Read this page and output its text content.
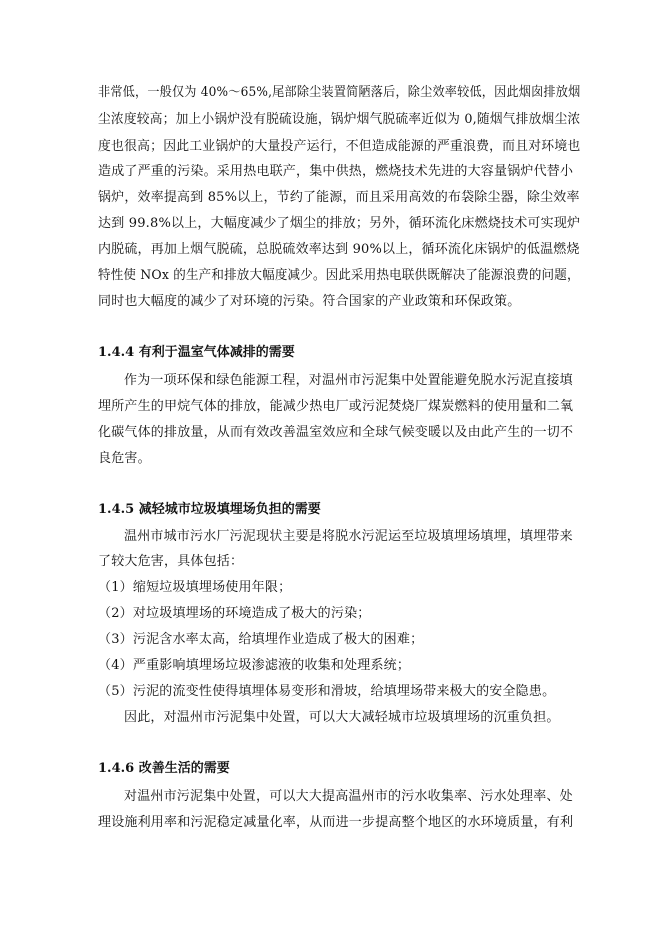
非常低，一般仅为 40%～65%,尾部除尘装置简陋落后，除尘效率较低，因此烟囱排放烟
尘浓度较高；加上小锅炉没有脱硫设施，锅炉烟气脱硫率近似为 0,随烟气排放烟尘浓
度也很高；因此工业锅炉的大量投产运行，不但造成能源的严重浪费，而且对环境也
造成了严重的污染。采用热电联产，集中供热，燃烧技术先进的大容量锅炉代替小
锅炉，效率提高到 85%以上，节约了能源，而且采用高效的布袋除尘器，除尘效率
达到 99.8%以上，大幅度减少了烟尘的排放；另外，循环流化床燃烧技术可实现炉
内脱硫，再加上烟气脱硫，总脱硫效率达到 90%以上，循环流化床锅炉的低温燃烧
特性使 NOx 的生产和排放大幅度减少。因此采用热电联供既解决了能源浪费的问题，
同时也大幅度的减少了对环境的污染。符合国家的产业政策和环保政策。
1.4.4 有利于温室气体减排的需要
作为一项环保和绿色能源工程，对温州市污泥集中处置能避免脱水污泥直接填
埋所产生的甲烷气体的排放，能减少热电厂或污泥焚烧厂煤炭燃料的使用量和二氧
化碳气体的排放量，从而有效改善温室效应和全球气候变暖以及由此产生的一切不
良危害。
1.4.5 减轻城市垃圾填埋场负担的需要
温州市城市污水厂污泥现状主要是将脱水污泥运至垃圾填埋场填埋，填埋带来
了较大危害，具体包括：
（1）缩短垃圾填埋场使用年限；
（2）对垃圾填埋场的环境造成了极大的污染；
（3）污泥含水率太高，给填埋作业造成了极大的困难；
（4）严重影响填埋场垃圾渗滤液的收集和处理系统；
（5）污泥的流变性使得填埋体易变形和滑坡，给填埋场带来极大的安全隐患。
因此，对温州市污泥集中处置，可以大大减轻城市垃圾填埋场的沉重负担。
1.4.6 改善生活的需要
对温州市污泥集中处置，可以大大提高温州市的污水收集率、污水处理率、处
理设施利用率和污泥稳定减量化率，从而进一步提高整个地区的水环境质量，有利
